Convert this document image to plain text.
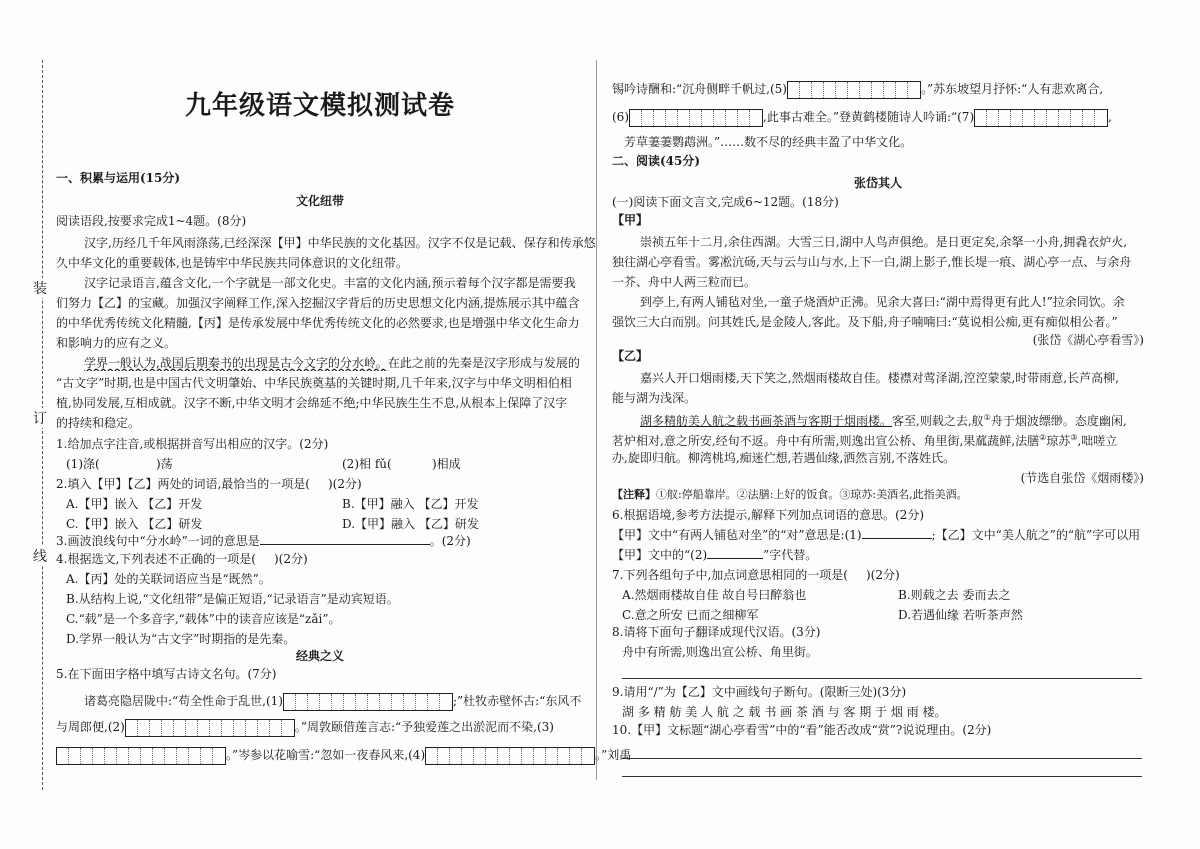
装
订
线
九年级语文模拟测试卷
一、积累与运用(15分)
文化纽带
阅读语段,按要求完成1~4题。(8分)
汉字,历经几千年风雨涤荡,已经深深【甲】中华民族的文化基因。汉字不仅是记载、保存和传承悠
久中华文化的重要载体,也是铸牢中华民族共同体意识的文化纽带。
汉字记录语言,蕴含文化,一个字就是一部文化史。丰富的文化内涵,预示着每个汉字都是需要我
们努力【乙】的宝藏。加强汉字阐释工作,深入挖掘汉字背后的历史思想文化内涵,提炼展示其中蕴含
的中华优秀传统文化精髓,【丙】是传承发展中华优秀传统文化的必然要求,也是增强中华文化生命力
和影响力的应有之义。
学界一般认为,战国后期秦书的出现是古今文字的分水岭。在此之前的先秦是汉字形成与发展的
“古文字”时期,也是中国古代文明肇始、中华民族奠基的关键时期,几千年来,汉字与中华文明相伯相
植,协同发展,互相成就。汉字不断,中华文明才会绵延不绝;中华民族生生不息,从根本上保障了汉字
的持续和稳定。
1.给加点字注音,或根据拼音写出相应的汉字。(2分)
(1)涤(	)荡	(2)相 fǔ(	)相成
2.填入【甲】【乙】两处的词语,最恰当的一项是( )(2分)
A.【甲】嵌入 【乙】开发	B.【甲】融入 【乙】开发
C.【甲】嵌入 【乙】研发	D.【甲】融入 【乙】研发
3.画波浪线句中“分水岭”一词的意思是	。(2分)
4.根据选文,下列表述不正确的一项是( )(2分)
A.【丙】处的关联词语应当是“既然”。
B.从结构上说,“文化纽带”是偏正短语,“记录语言”是动宾短语。
C.“载”是一个多音字,“载体”中的读音应该是“zǎi”。
D.学界一般认为“古文字”时期指的是先秦。
经典之义
5.在下面田字格中填写古诗文名句。(7分)
诸葛亮隐居陇中:“苟全性命于乱世,(1)	;”杜牧赤壁怀古:“东风不
与周郎便,(2)	。”周敦颐借莲言志:“予独爱莲之出淤泥而不染,(3)
。”岑参以花喻雪:“忽如一夜春风来,(4)	。”刘禹
锡吟诗酬和:“沉舟侧畔千帆过,(5)	。”苏东坡望月抒怀:“人有悲欢离合,
(6)	,此事古难全。”登黄鹤楼随诗人吟诵:“(7)	,
芳草萋萋鹦鹉洲。”……数不尽的经典丰盈了中华文化。
二、阅读(45分)
张岱其人
(一)阅读下面文言文,完成6~12题。(18分)
【甲】
崇祯五年十二月,余住西湖。大雪三日,湖中人鸟声俱绝。是日更定矣,余拏一小舟,拥毳衣炉火,
独往湖心亭看雪。雾凇沆砀,天与云与山与水,上下一白,湖上影子,惟长堤一痕、湖心亭一点、与余舟
一芥、舟中人两三粒而已。
到亭上,有两人铺毡对坐,一童子烧酒炉正沸。见余大喜曰:“湖中焉得更有此人!”拉余同饮。余
强饮三大白而别。问其姓氏,是金陵人,客此。及下船,舟子喃喃曰:“莫说相公痴,更有痴似相公者。”
(张岱《湖心亭看雪》)
【乙】
嘉兴人开口烟雨楼,天下笑之,然烟雨楼故自佳。楼襟对莺泽湖,涳涳蒙蒙,时带雨意,长芦高柳,
能与湖为浅深。
湖多精舫美人航之载书画茶酒与客期于烟雨楼。客至,则载之去,舣①舟于烟波缥缈。态度幽闲,
茗炉相对,意之所安,经旬不返。舟中有所需,则逸出宣公桥、角里街,果蓏蔬鲜,法膳②琼苏③,咄嗟立
办,旋即归航。柳湾桃坞,痴迷伫想,若遇仙缘,洒然言别,不落姓氏。
(节选自张岱《烟雨楼》)
【注释】①舣:停船靠岸。②法膳:上好的饭食。③琼苏:美酒名,此指美酒。
6.根据语境,参考方法提示,解释下列加点词语的意思。(2分)
【甲】文中“有两人铺毡对坐”的“对”意思是:(1)	;【乙】文中“美人航之”的“航”字可以用
【甲】文中的“(2)	”字代替。
7.下列各组句子中,加点词意思相同的一项是( )(2分)
A.然烟雨楼故自佳 故自号曰醉翁也	B.则载之去 委而去之
C.意之所安 已而之细柳军	D.若遇仙缘 若听茶声然
8.请将下面句子翻译成现代汉语。(3分)
舟中有所需,则逸出宣公桥、角里街。
9.请用“/”为【乙】文中画线句子断句。(限断三处)(3分)
湖 多 精 舫 美 人 航 之 载 书 画 茶 酒 与 客 期 于 烟 雨 楼。
10.【甲】文标题“湖心亭看雪”中的“看”能否改成“赏”?说说理由。(2分)
